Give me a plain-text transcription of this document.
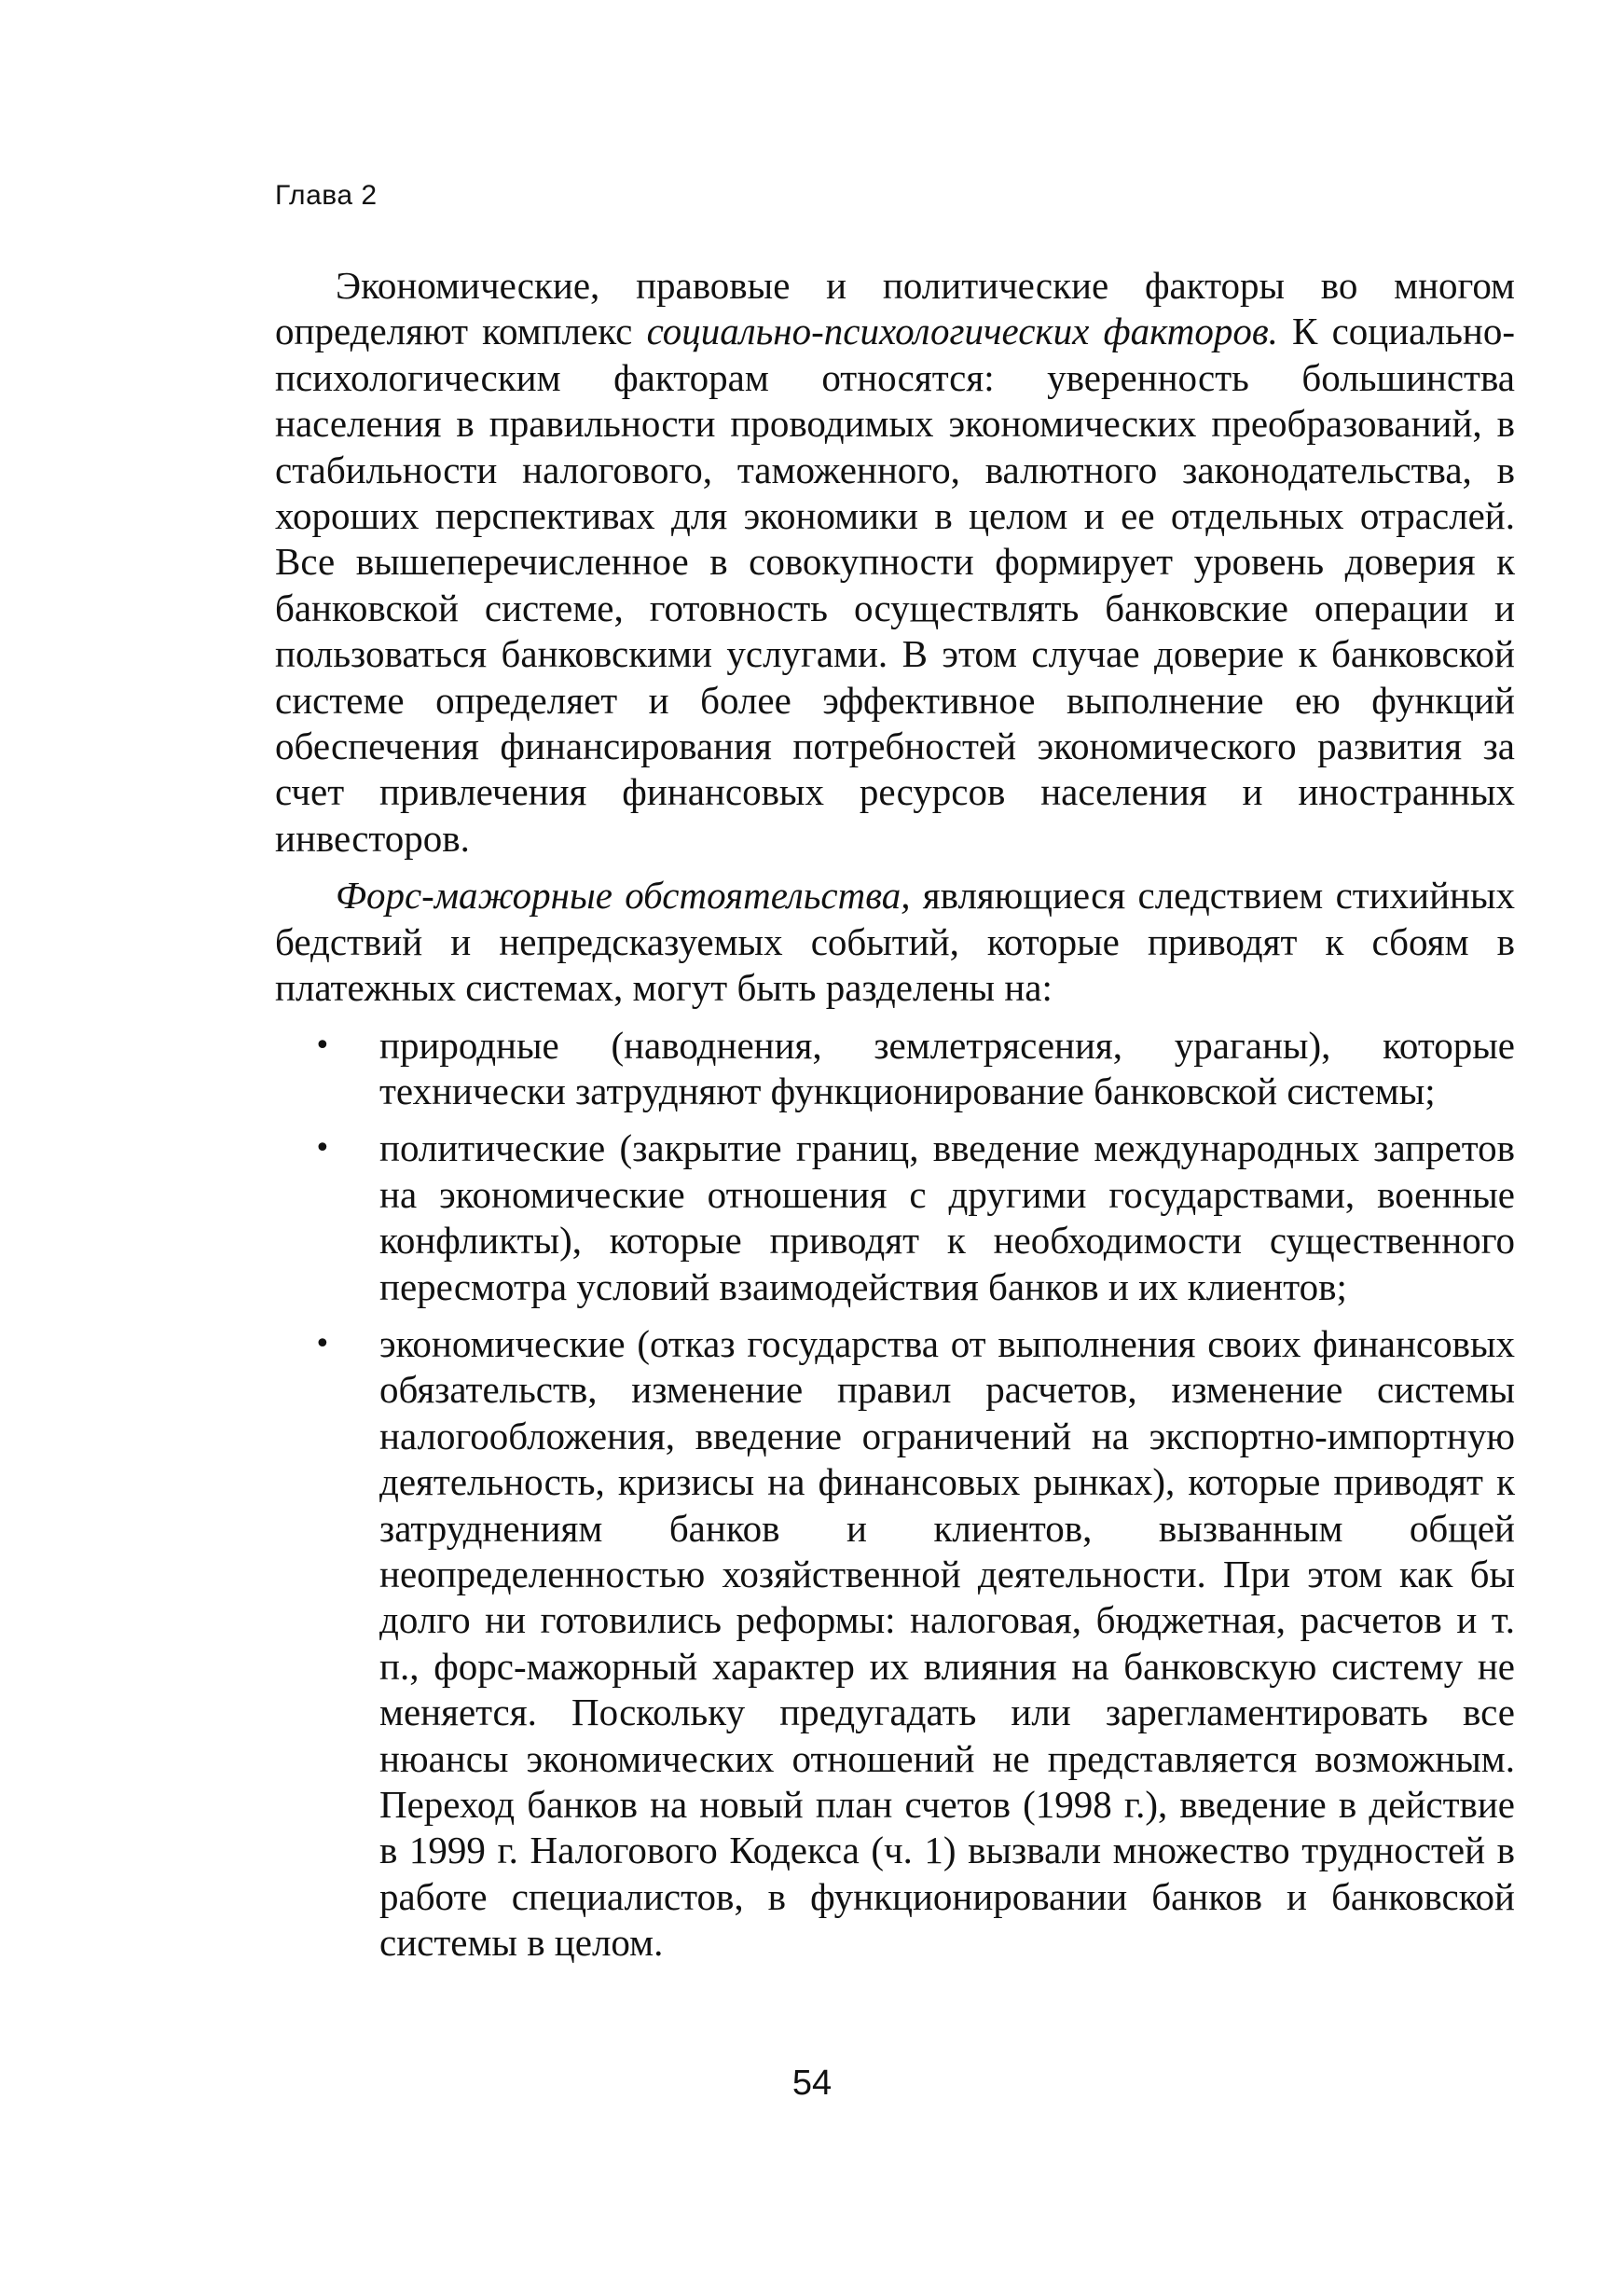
Глава 2

Экономические, правовые и политические факторы во многом определяют комплекс социально-психологических факторов. К социально-психологическим факторам относятся: уверенность большинства населения в правильности проводимых экономических преобразований, в стабильности налогового, таможенного, валютного законодательства, в хороших перспективах для экономики в целом и ее отдельных отраслей. Все вышеперечисленное в совокупности формирует уровень доверия к банковской системе, готовность осуществлять банковские операции и пользоваться банковскими услугами. В этом случае доверие к банковской системе определяет и более эффективное выполнение ею функций обеспечения финансирования потребностей экономического развития за счет привлечения финансовых ресурсов населения и иностранных инвесторов.

Форс-мажорные обстоятельства, являющиеся следствием стихийных бедствий и непредсказуемых событий, которые приводят к сбоям в платежных системах, могут быть разделены на:

• природные (наводнения, землетрясения, ураганы), которые технически затрудняют функционирование банковской системы;
• политические (закрытие границ, введение международных запретов на экономические отношения с другими государствами, военные конфликты), которые приводят к необходимости существенного пересмотра условий взаимодействия банков и их клиентов;
• экономические (отказ государства от выполнения своих финансовых обязательств, изменение правил расчетов, изменение системы налогообложения, введение ограничений на экспортно-импортную деятельность, кризисы на финансовых рынках), которые приводят к затруднениям банков и клиентов, вызванным общей неопределенностью хозяйственной деятельности. При этом как бы долго ни готовились реформы: налоговая, бюджетная, расчетов и т. п., форс-мажорный характер их влияния на банковскую систему не меняется. Поскольку предугадать или зарегламентировать все нюансы экономических отношений не представляется возможным. Переход банков на новый план счетов (1998 г.), введение в действие в 1999 г. Налогового Кодекса (ч. 1) вызвали множество трудностей в работе специалистов, в функционировании банков и банковской системы в целом.
54
